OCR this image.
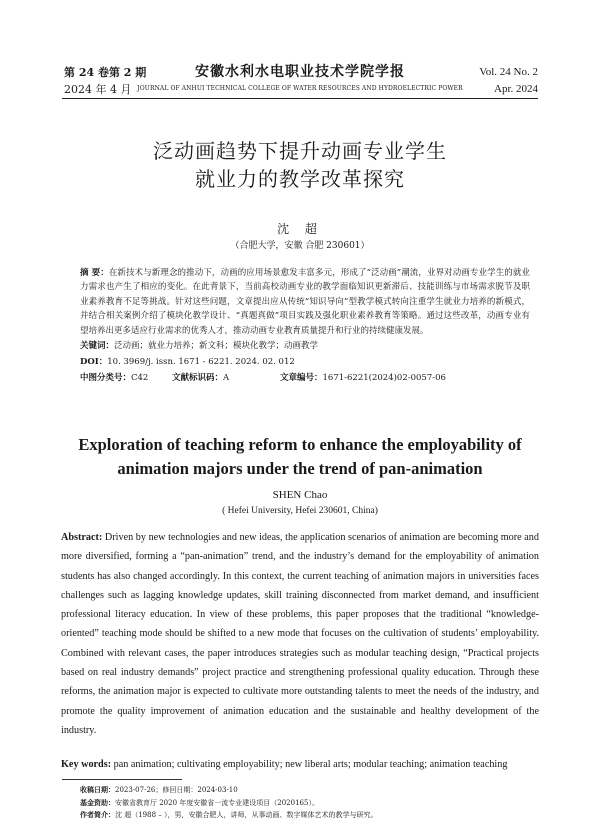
第 24 卷第 2 期
2024 年 4 月
安徽水利水电职业技术学院学报
JOURNAL OF ANHUI TECHNICAL COLLEGE OF WATER RESOURCES AND HYDROELECTRIC POWER
Vol. 24 No. 2
Apr. 2024
泛动画趋势下提升动画专业学生
就业力的教学改革探究
沈 超
（合肥大学，安徽 合肥 230601）
摘 要：在新技术与新理念的推动下，动画的应用场景愈发丰富多元，形成了“泛动画”潮流，业界对动画专业学生的就业力需求也产生了相应的变化。在此背景下，当前高校动画专业的教学面临知识更新滞后、技能训练与市场需求脱节及职业素养教育不足等挑战。针对这些问题，文章提出应从传统“知识导向”型教学模式转向注重学生就业力培养的新模式，并结合相关案例介绍了模块化教学设计、“真题真做”项目实践及强化职业素养教育等策略。通过这些改革，动画专业有望培养出更多适应行业需求的优秀人才，推动动画专业教育质量提升和行业的持续健康发展。
关键词：泛动画；就业力培养；新文科；模块化教学；动画教学
DOI：10. 3969/j. issn. 1671 - 6221. 2024. 02. 012
中图分类号：C42	文献标识码：A	文章编号：1671-6221(2024)02-0057-06
Exploration of teaching reform to enhance the employability of animation majors under the trend of pan-animation
SHEN Chao
( Hefei University, Hefei 230601, China)
Abstract: Driven by new technologies and new ideas, the application scenarios of animation are becoming more and more diversified, forming a “pan-animation” trend, and the industry’s demand for the employability of animation students has also changed accordingly. In this context, the current teaching of animation majors in universities faces challenges such as lagging knowledge updates, skill training disconnected from market demand, and insufficient professional literacy education. In view of these problems, this paper proposes that the traditional “knowledge-oriented” teaching mode should be shifted to a new mode that focuses on the cultivation of students’ employability. Combined with relevant cases, the paper introduces strategies such as modular teaching design, “Practical projects based on real industry demands” project practice and strengthening professional quality education. Through these reforms, the animation major is expected to cultivate more outstanding talents to meet the needs of the industry, and promote the quality improvement of animation education and the sustainable and healthy development of the industry.
Key words: pan animation; cultivating employability; new liberal arts; modular teaching; animation teaching
收稿日期：2023-07-26；修回日期：2024-03-10
基金资助：安徽省教育厅 2020 年度安徽省一流专业建设项目（2020165）。
作者简介：沈 超（1988 – ），男，安徽合肥人，讲师，从事动画、数字媒体艺术的教学与研究。
